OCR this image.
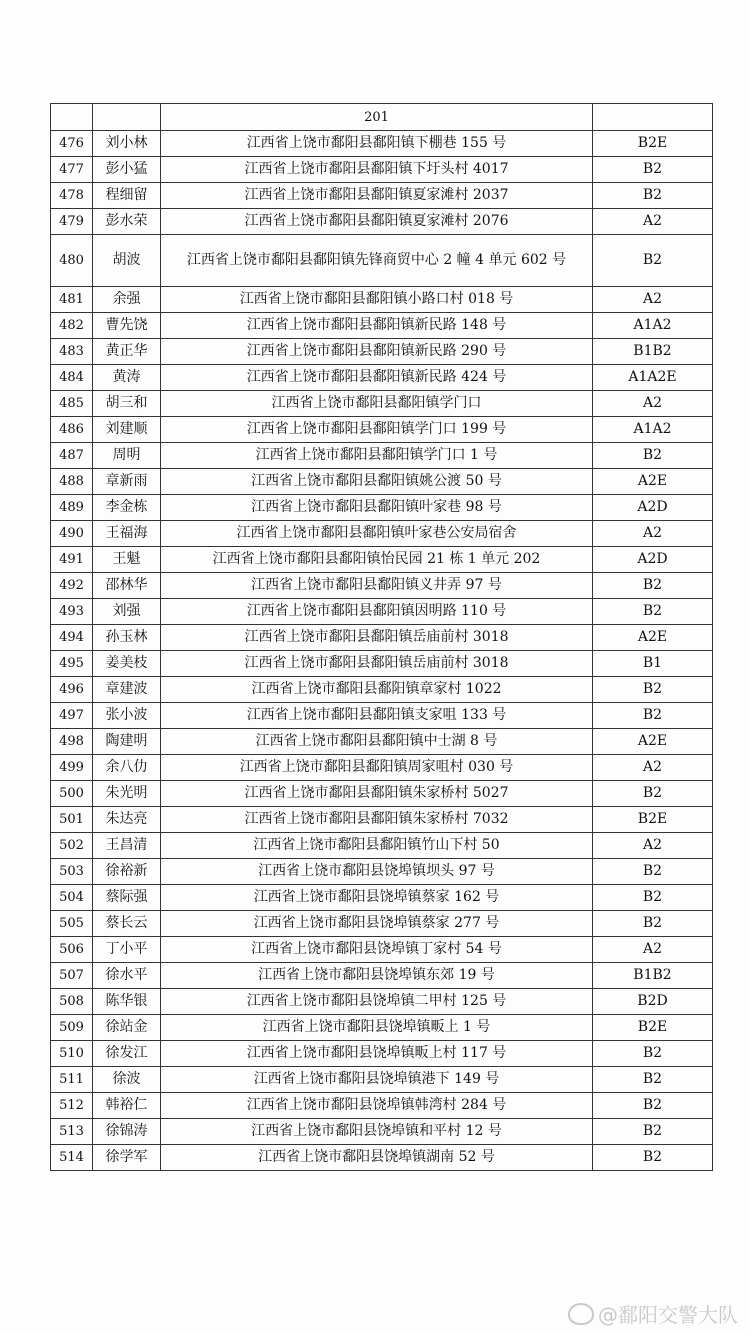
		201	
476	刘小林	江西省上饶市鄱阳县鄱阳镇下棚巷 155 号	B2E
477	彭小猛	江西省上饶市鄱阳县鄱阳镇下圩头村 4017	B2
478	程细留	江西省上饶市鄱阳县鄱阳镇夏家滩村 2037	B2
479	彭水荣	江西省上饶市鄱阳县鄱阳镇夏家滩村 2076	A2
480	胡波	江西省上饶市鄱阳县鄱阳镇先锋商贸中心 2 幢 4 单元 602 号	B2
481	余强	江西省上饶市鄱阳县鄱阳镇小路口村 018 号	A2
482	曹先饶	江西省上饶市鄱阳县鄱阳镇新民路 148 号	A1A2
483	黄正华	江西省上饶市鄱阳县鄱阳镇新民路 290 号	B1B2
484	黄涛	江西省上饶市鄱阳县鄱阳镇新民路 424 号	A1A2E
485	胡三和	江西省上饶市鄱阳县鄱阳镇学门口	A2
486	刘建顺	江西省上饶市鄱阳县鄱阳镇学门口 199 号	A1A2
487	周明	江西省上饶市鄱阳县鄱阳镇学门口 1 号	B2
488	章新雨	江西省上饶市鄱阳县鄱阳镇姚公渡 50 号	A2E
489	李金栋	江西省上饶市鄱阳县鄱阳镇叶家巷 98 号	A2D
490	王福海	江西省上饶市鄱阳县鄱阳镇叶家巷公安局宿舍	A2
491	王魁	江西省上饶市鄱阳县鄱阳镇怡民园 21 栋 1 单元 202	A2D
492	邵林华	江西省上饶市鄱阳县鄱阳镇义井弄 97 号	B2
493	刘强	江西省上饶市鄱阳县鄱阳镇因明路 110 号	B2
494	孙玉林	江西省上饶市鄱阳县鄱阳镇岳庙前村 3018	A2E
495	姜美枝	江西省上饶市鄱阳县鄱阳镇岳庙前村 3018	B1
496	章建波	江西省上饶市鄱阳县鄱阳镇章家村 1022	B2
497	张小波	江西省上饶市鄱阳县鄱阳镇支家咀 133 号	B2
498	陶建明	江西省上饶市鄱阳县鄱阳镇中士湖 8 号	A2E
499	余八仂	江西省上饶市鄱阳县鄱阳镇周家咀村 030 号	A2
500	朱光明	江西省上饶市鄱阳县鄱阳镇朱家桥村 5027	B2
501	朱达亮	江西省上饶市鄱阳县鄱阳镇朱家桥村 7032	B2E
502	王昌清	江西省上饶市鄱阳县鄱阳镇竹山下村 50	A2
503	徐裕新	江西省上饶市鄱阳县饶埠镇坝头 97 号	B2
504	蔡际强	江西省上饶市鄱阳县饶埠镇蔡家 162 号	B2
505	蔡长云	江西省上饶市鄱阳县饶埠镇蔡家 277 号	B2
506	丁小平	江西省上饶市鄱阳县饶埠镇丁家村 54 号	A2
507	徐水平	江西省上饶市鄱阳县饶埠镇东郊 19 号	B1B2
508	陈华银	江西省上饶市鄱阳县饶埠镇二甲村 125 号	B2D
509	徐站金	江西省上饶市鄱阳县饶埠镇畈上 1 号	B2E
510	徐发江	江西省上饶市鄱阳县饶埠镇畈上村 117 号	B2
511	徐波	江西省上饶市鄱阳县饶埠镇港下 149 号	B2
512	韩裕仁	江西省上饶市鄱阳县饶埠镇韩湾村 284 号	B2
513	徐锦涛	江西省上饶市鄱阳县饶埠镇和平村 12 号	B2
514	徐学军	江西省上饶市鄱阳县饶埠镇湖南 52 号	B2
@鄱阳交警大队
